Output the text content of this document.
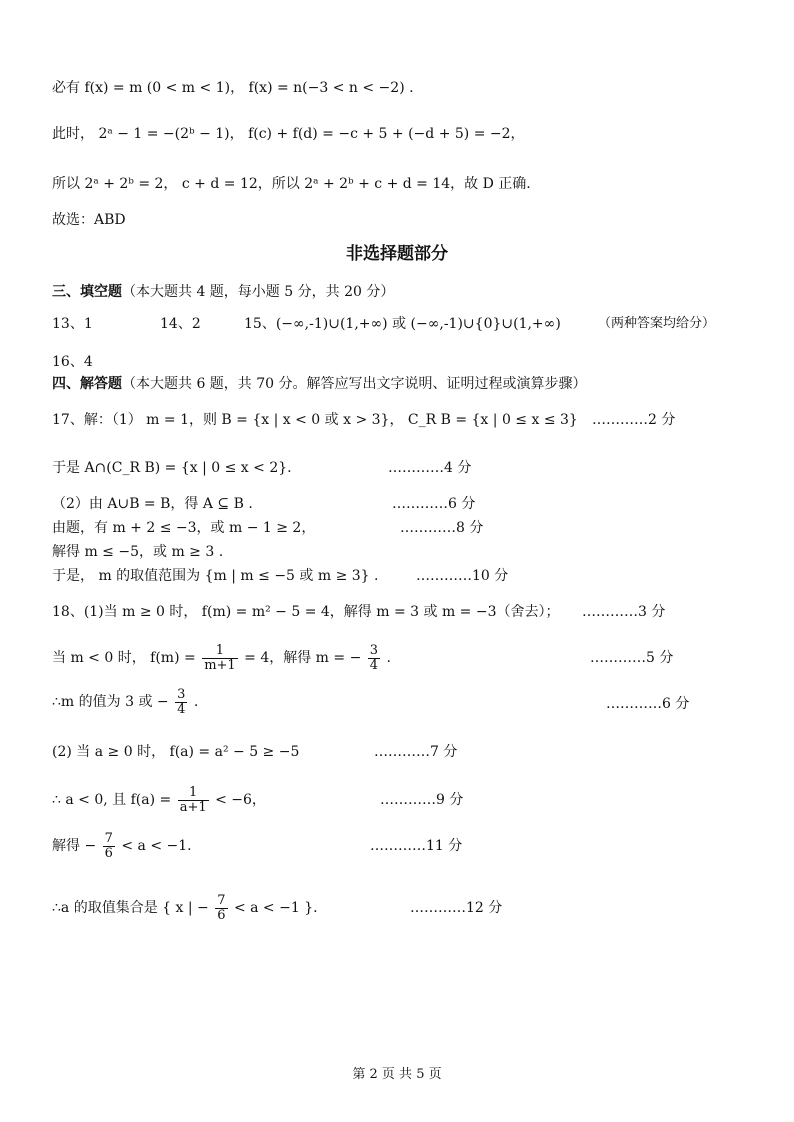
必有 f(x) = m (0 < m < 1)， f(x) = n(−3 < n < −2) .
此时， 2ᵃ − 1 = −(2ᵇ − 1)， f(c) + f(d) = −c + 5 + (−d + 5) = −2，
所以 2ᵃ + 2ᵇ = 2， c + d = 12，所以 2ᵃ + 2ᵇ + c + d = 14，故 D 正确.
故选：ABD
非选择题部分
三、填空题（本大题共 4 题，每小题 5 分，共 20 分）
13、1	14、2	15、(−∞,-1)∪(1,+∞) 或 (−∞,-1)∪{0}∪(1,+∞)	（两种答案均给分）
16、4
四、解答题（本大题共 6 题，共 70 分。解答应写出文字说明、证明过程或演算步骤）
17、解：（1） m = 1，则 B = {x | x < 0 或 x > 3}， C_R B = {x | 0 ≤ x ≤ 3} …………2 分
于是 A∩(C_R B) = {x | 0 ≤ x < 2}.	…………4 分
（2）由 A∪B = B，得 A ⊆ B .	…………6 分
由题，有 m + 2 ≤ −3，或 m − 1 ≥ 2，	…………8 分
解得 m ≤ −5，或 m ≥ 3 .
于是， m 的取值范围为 {m | m ≤ −5 或 m ≥ 3} .	…………10 分
18、(1)当 m ≥ 0 时， f(m) = m² − 5 = 4，解得 m = 3 或 m = −3（舍去）； …………3 分
当 m < 0 时， $f(m) = \frac{1}{m+1} = 4$，解得 m = − $\frac{3}{4}$ .	…………5 分
∴m 的值为 3 或 − $\frac{3}{4}$ .	…………6 分
(2) 当 a ≥ 0 时， f(a) = a² − 5 ≥ −5	…………7 分
∴ a < 0, 且 $f(a) = \frac{1}{a+1} < -6$，	…………9 分
解得 − $\frac{7}{6} < a < -1$.	…………11 分
∴a 的取值集合是 { x | − $\frac{7}{6} < a < -1$ }.	…………12 分
第 2 页 共 5 页
